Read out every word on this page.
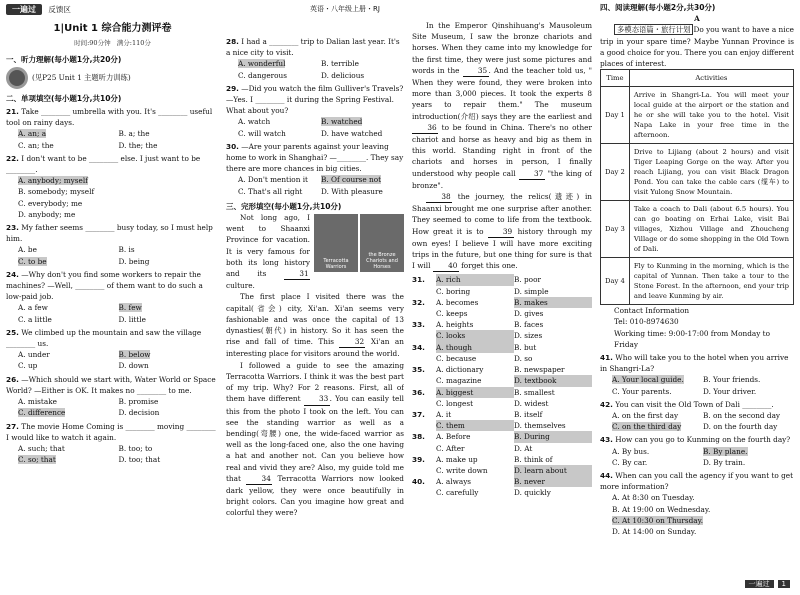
一遍过 反馈区
1|Unit 1 综合能力测评卷
时间:90分钟 满分:110分
一、听力理解(每小题1分,共20分)
(见P25 Unit 1 主题听力训练)
二、单项填空(每小题1分,共10分)
21. Take ________ umbrella with you. It's ________ useful tool on rainy days.
A. an; a	B. a; the
C. an; the	D. the; the
22. I don't want to be ________ else. I just want to be ________.
A. anybody; myself
B. somebody; myself
C. everybody; me
D. anybody; me
23. My father seems ________ busy today, so I must help him.
A. be	B. is
C. to be	D. being
24. —Why don't you find some workers to repair the machines? —Well, ________ of them want to do such a low-paid job.
A. a few	B. few
C. a little	D. little
25. We climbed up the mountain and saw the village ________ us.
A. under	B. below
C. up	D. down
26. —Which should we start with, Water World or Space World? —Either is OK. It makes no ________ to me.
A. mistake	B. promise
C. difference	D. decision
27. The movie Home Coming is ________ moving ________ I would like to watch it again.
A. such; that	B. too; to
C. so; that	D. too; that
28. I had a ________ trip to Dalian last year. It's a nice city to visit.
A. wonderful	B. terrible
C. dangerous	D. delicious
29. —Did you watch the film Gulliver's Travels? —Yes. I ________ it during the Spring Festival. What about you?
A. watch	B. watched
C. will watch	D. have watched
30. —Are your parents against your leaving home to work in Shanghai? —________. They say there are more chances in big cities.
A. Don't mention it	B. Of course not
C. That's all right	D. With pleasure
三、完形填空(每小题1分,共10分)
Terracotta Warriors
the Bronze Chariots and Horses
Not long ago, I went to Shaanxi Province for vacation. It is very famous for both its long history and its	31 culture.
The first place I visited there was the capital(省会) city, Xi'an. Xi'an seems very fashionable and was once the capital of 13 dynasties(朝代) in history. So it has seen the rise and fall of time. This	32 Xi'an an interesting place for visitors around the world.
I followed a guide to see the amazing Terracotta Warriors. I think it was the best part of my trip. Why? For 2 reasons. First, all of them have different	33. You can easily tell this from the photo I took on the left. You can see the standing warrior as well as a bending(弯腰) one, the wide-faced warrior as well as the long-faced one, also the one having a hat and another not. Can you believe how real and vivid they are? Also, my guide told me that	34 Terracotta Warriors now looked dark yellow, they were once beautifully in bright colors. Can you imagine how great and colorful they were?
In the Emperor Qinshihuang's Mausoleum Site Museum, I saw the bronze chariots and horses. When they came into my knowledge for the first time, they were just some pictures and words in the	35. And the teacher told us, " When they were found, they were broken into more than 3,000 pieces. It took the experts 8 years to repair them." The museum introduction(介绍) says they are the earliest and 36 to be found in China. There's no other chariot and horse as heavy and big as them in this world. Standing right in front of the chariots and horses in person, I finally understood why people call	37 "the king of bronze".
38 the journey, the relics(遗迹) in Shaanxi brought me one surprise after another. They seemed to come to life from the textbook. How great it is to	39 history through my own eyes! I believe I will have more exciting trips in the future, but one thing for sure is that I will 40 forget this one.
31.	A. rich	B. poor
C. boring	D. simple
32.	A. becomes	B. makes
C. keeps	D. gives
33.	A. heights	B. faces
C. looks	D. sizes
34.	A. though	B. but
C. because	D. so
35.	A. dictionary	B. newspaper
C. magazine	D. textbook
36.	A. biggest	B. smallest
C. longest	D. widest
37.	A. it	B. itself
C. them	D. themselves
38.	A. Before	B. During
C. After	D. At
39.	A. make up	B. think of
C. write down	D. learn about
40.	A. always	B. never
C. carefully	D. quickly
英语・八年级上册・RJ	四、阅读理解(每小题2分,共30分)
A
多模态语篇・旅行计划 Do you want to have a nice trip in your spare time? Maybe Yunnan Province is a good choice for you. There you can enjoy different places of interest.
Time	Activities
Day 1	Arrive in Shangri-La. You will meet your local guide at the airport or the station and he or she will take you to the hotel. Visit Napa Lake in your free time in the afternoon.
Day 2	Drive to Lijiang (about 2 hours) and visit Tiger Leaping Gorge on the way. After you reach Lijiang, you can visit Black Dragon Pond. You can take the cable cars (缆车) to visit Yulong Snow Mountain.
Day 3	Take a coach to Dali (about 6.5 hours). You can go boating on Erhai Lake, visit Bai villages, Xizhou Village and Zhoucheng Village or do some shopping in the Old Town of Dali.
Day 4	Fly to Kunming in the morning, which is the capital of Yunnan. Then take a tour to the Stone Forest. In the afternoon, end your trip and leave Kunming by air.
Contact Information
Tel: 010-8974630
Working time: 9:00-17:00 from Monday to Friday
41. Who will take you to the hotel when you arrive in Shangri-La?
A. Your local guide.	B. Your friends.
C. Your parents.	D. Your driver.
42. You can visit the Old Town of Dali ________.
A. on the first day	B. on the second day
C. on the third day	D. on the fourth day
43. How can you go to Kunming on the fourth day?
A. By bus.	B. By plane.
C. By car.	D. By train.
44. When can you call the agency if you want to get more information?
A. At 8:30 on Tuesday.
B. At 19:00 on Wednesday.
C. At 10:30 on Thursday.
D. At 14:00 on Sunday.
一遍过 1
